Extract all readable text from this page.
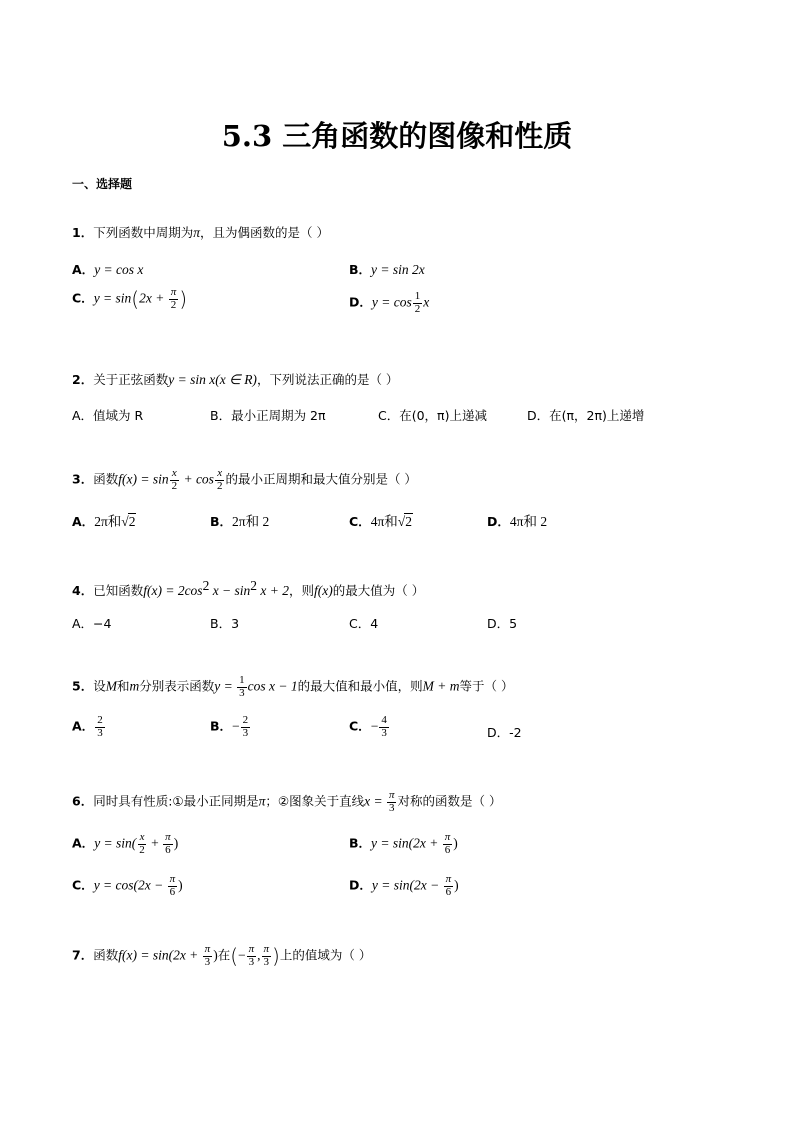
5.3 三角函数的图像和性质
一、选择题
1．下列函数中周期为π，且为偶函数的是（ ）
A．y = cos x	B．y = sin 2x
C．$y = \sin(2x + \frac{\pi}{2}$ )	D．$y = \cos \frac{1}{2}$ x
2．关于正弦函数y = sin x(x ∈ R)，下列说法正确的是（ ）
A．值域为 R	B．最小正周期为 2π	C．在(0，π)上递减	D．在(π，2π)上递增
3．函数$f(x) = \sin \frac{x}{2} + \cos \frac{x}{2}$ 的最小正周期和最大值分别是（ ）
A．2π和√2	B．2π和 2	C．4π和√2	D．4π和 2
4．已知函数$f(x) = 2\cos^2$ $x - \sin^2 x + 2$，则f(x)的最大值为（ ）
A．−4	B．3	C．4	D．5
5．设M和m分别表示函数$y = \frac{1}{3}$ cos x − 1的最大值和最小值，则M + m等于（ ）
A． $\frac{2}{3}$	B．− $\frac{2}{3}$	C．− $\frac{4}{3}$	D．-2
6．同时具有性质:①最小正同期是π；②图象关于直线$x = \frac{\pi}{3}$ 对称的函数是（ ）
A．$y = \sin( \frac{x}{2} + \frac{\pi}{6}$ )	B．$y = \sin(2x + \frac{\pi}{6}$ )
C．$y = \cos(2x - \frac{\pi}{6}$ )	D．$y = \sin(2x - \frac{\pi}{6}$ )
7．函数$f(x) = \sin(2x + \frac{\pi}{3}$ )在(− $\frac{\pi}{3}$ , $\frac{\pi}{3}$ )上的值域为（ ）
